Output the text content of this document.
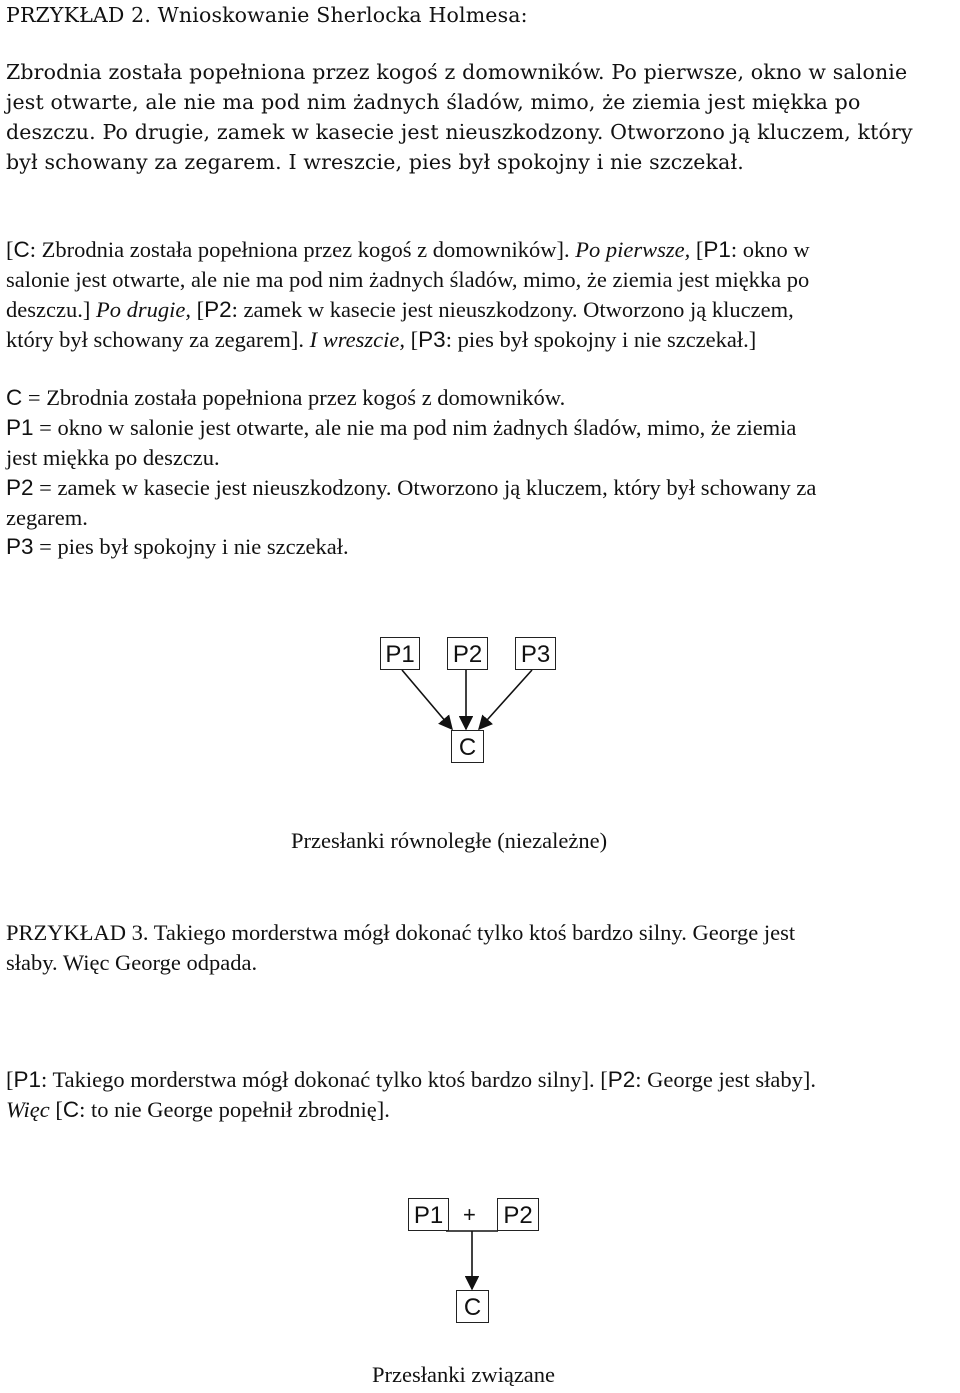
PRZYKŁAD 2. Wnioskowanie Sherlocka Holmesa:
Zbrodnia została popełniona przez kogoś z domowników. Po pierwsze, okno w salonie
jest otwarte, ale nie ma pod nim żadnych śladów, mimo, że ziemia jest miękka po
deszczu. Po drugie, zamek w kasecie jest nieuszkodzony. Otworzono ją kluczem, który
był schowany za zegarem. I wreszcie, pies był spokojny i nie szczekał.
[C: Zbrodnia została popełniona przez kogoś z domowników]. Po pierwsze, [P1: okno w
salonie jest otwarte, ale nie ma pod nim żadnych śladów, mimo, że ziemia jest miękka po
deszczu.] Po drugie, [P2: zamek w kasecie jest nieuszkodzony. Otworzono ją kluczem,
który był schowany za zegarem]. I wreszcie, [P3: pies był spokojny i nie szczekał.]
C = Zbrodnia została popełniona przez kogoś z domowników.
P1 = okno w salonie jest otwarte, ale nie ma pod nim żadnych śladów, mimo, że ziemia
jest miękka po deszczu.
P2 = zamek w kasecie jest nieuszkodzony. Otworzono ją kluczem, który był schowany za
zegarem.
P3 = pies był spokojny i nie szczekał.
P1 P2 P3
C
Przesłanki równoległe (niezależne)
PRZYKŁAD 3. Takiego morderstwa mógł dokonać tylko ktoś bardzo silny. George jest
słaby. Więc George odpada.
[P1: Takiego morderstwa mógł dokonać tylko ktoś bardzo silny]. [P2: George jest słaby].
Więc [C: to nie George popełnił zbrodnię].
P1 + P2
C
Przesłanki związane
